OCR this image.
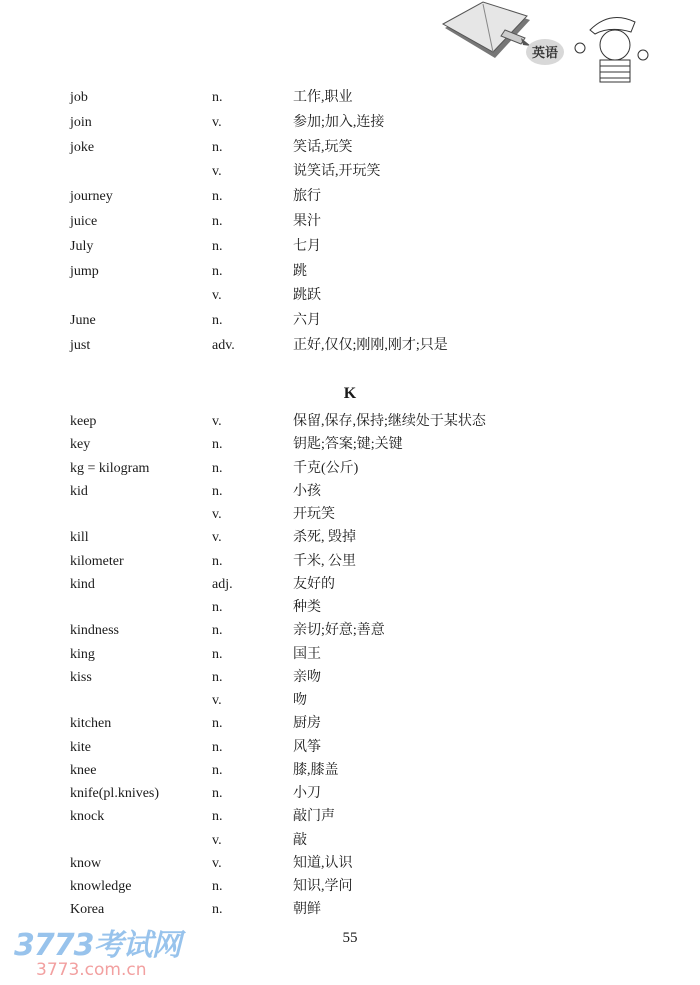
英语
job	n.	工作,职业
join	v.	参加;加入,连接
joke	n.	笑话,玩笑
v.	说笑话,开玩笑
journey	n.	旅行
juice	n.	果汁
July	n.	七月
jump	n.	跳
v.	跳跃
June	n.	六月
just	adv.	正好,仅仅;刚刚,刚才;只是
K
keep	v.	保留,保存,保持;继续处于某状态
key	n.	钥匙;答案;键;关键
kg = kilogram	n.	千克(公斤)
kid	n.	小孩
v.	开玩笑
kill	v.	杀死, 毁掉
kilometer	n.	千米, 公里
kind	adj.	友好的
n.	种类
kindness	n.	亲切;好意;善意
king	n.	国王
kiss	n.	亲吻
v.	吻
kitchen	n.	厨房
kite	n.	风筝
knee	n.	膝,膝盖
knife(pl.knives)	n.	小刀
knock	n.	敲门声
v.	敲
know	v.	知道,认识
knowledge	n.	知识,学问
Korea	n.	朝鲜
55
3773考试网
3773.com.cn
